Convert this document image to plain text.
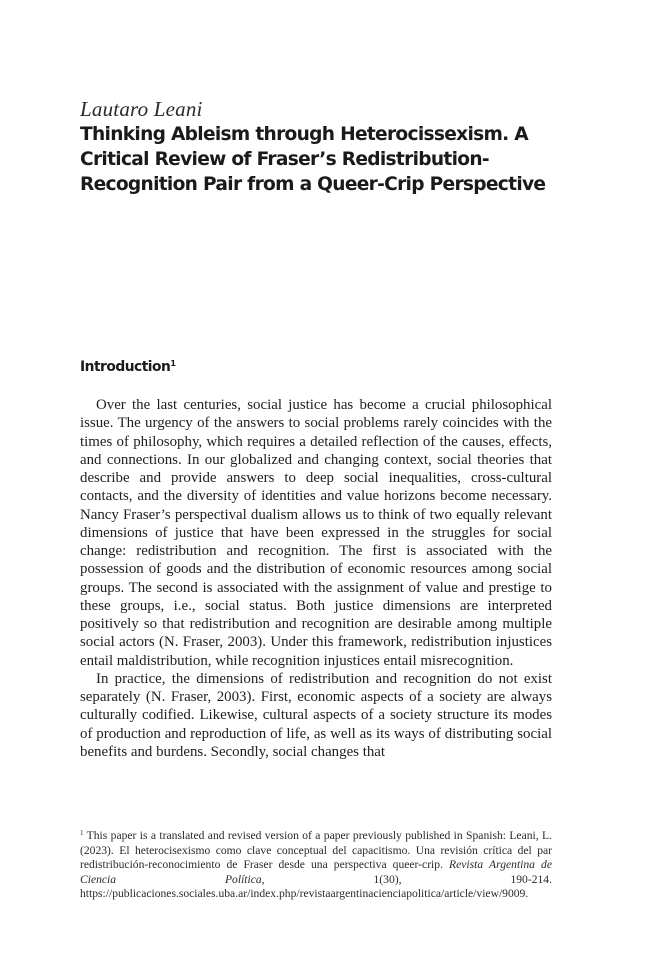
Lautaro Leani
Thinking Ableism through Heterocissexism. A Critical Review of Fraser’s Redistribution-Recognition Pair from a Queer-Crip Perspective
Introduction$^1$

Over the last centuries, social justice has become a crucial philosophical issue. The urgency of the answers to social problems rarely coincides with the times of philosophy, which requires a detailed reflection of the causes, effects, and connections. In our globalized and changing context, social theories that describe and provide answers to deep social inequalities, cross-cultural contacts, and the diversity of identities and value horizons become necessary. Nancy Fraser’s perspectival dualism allows us to think of two equally relevant dimensions of justice that have been expressed in the struggles for social change: redistribution and recognition. The first is associated with the possession of goods and the distribution of economic resources among social groups. The second is associated with the assignment of value and prestige to these groups, i.e., social status. Both justice dimensions are interpreted positively so that redistribution and recognition are desirable among multiple social actors (N. Fraser, 2003). Under this framework, redistribution injustices entail maldistribution, while recognition injustices entail misrecognition.

In practice, the dimensions of redistribution and recognition do not exist separately (N. Fraser, 2003). First, economic aspects of a society are always culturally codified. Likewise, cultural aspects of a society structure its modes of production and reproduction of life, as well as its ways of distributing social benefits and burdens. Secondly, social changes that

$^1$ This paper is a translated and revised version of a paper previously published in Spanish: Leani, L. (2023). El heterocisexismo como clave conceptual del capacitismo. Una revisión crítica del par redistribución-reconocimiento de Fraser desde una perspectiva queer-crip. Revista Argentina de Ciencia Política, 1(30), 190-214. https://publicaciones.sociales.uba.ar/index.php/revistaargentinacienciapolitica/article/view/9009.
